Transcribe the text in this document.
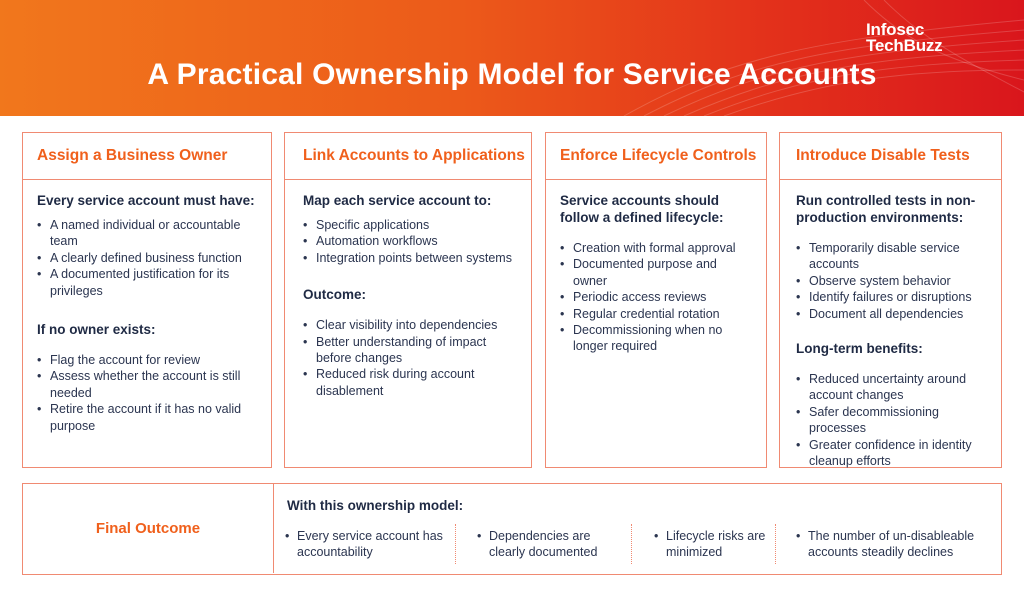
Infosec
TechBuzz
A Practical Ownership Model for Service Accounts
Assign a Business Owner

Every service account must have:

• A named individual or accountable team
• A clearly defined business function
• A documented justification for its privileges

If no owner exists:

• Flag the account for review
• Assess whether the account is still needed
• Retire the account if it has no valid purpose
Link Accounts to Applications

Map each service account to:

• Specific applications
• Automation workflows
• Integration points between systems

Outcome:

• Clear visibility into dependencies
• Better understanding of impact before changes
• Reduced risk during account disablement
Enforce Lifecycle Controls

Service accounts should follow a defined lifecycle:

• Creation with formal approval
• Documented purpose and owner
• Periodic access reviews
• Regular credential rotation
• Decommissioning when no longer required
Introduce Disable Tests

Run controlled tests in non-production environments:

• Temporarily disable service accounts
• Observe system behavior
• Identify failures or disruptions
• Document all dependencies

Long-term benefits:

• Reduced uncertainty around account changes
• Safer decommissioning processes
• Greater confidence in identity cleanup efforts
Final Outcome
With this ownership model:
• Every service account has accountability
• Dependencies are clearly documented
• Lifecycle risks are minimized
• The number of un-disableable accounts steadily declines
